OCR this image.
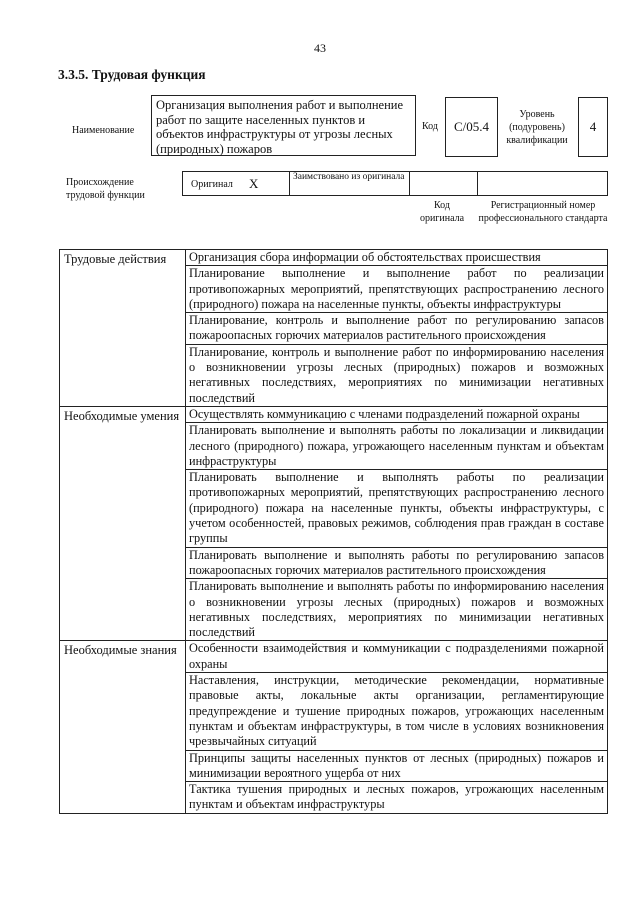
43
3.3.5. Трудовая функция
Наименование
Организация выполнения работ и выполнение работ по защите населенных пунктов и объектов инфраструктуры от угрозы лесных (природных) пожаров
Код	C/05.4
Уровень (подуровень) квалификации
4
Происхождение трудовой функции
Оригинал X	Заимствовано из оригинала
Код оригинала
Регистрационный номер профессионального стандарта
Трудовые действия	Организация сбора информации об обстоятельствах происшествия
Планирование выполнение и выполнение работ по реализации противопожарных мероприятий, препятствующих распространению лесного (природного) пожара на населенные пункты, объекты инфраструктуры
Планирование, контроль и выполнение работ по регулированию запасов пожароопасных горючих материалов растительного происхождения
Планирование, контроль и выполнение работ по информированию населения о возникновении угрозы лесных (природных) пожаров и возможных негативных последствиях, мероприятиях по минимизации негативных последствий

Необходимые умения	Осуществлять коммуникацию с членами подразделений пожарной охраны
Планировать выполнение и выполнять работы по локализации и ликвидации лесного (природного) пожара, угрожающего населенным пунктам и объектам инфраструктуры
Планировать выполнение и выполнять работы по реализации противопожарных мероприятий, препятствующих распространению лесного (природного) пожара на населенные пункты, объекты инфраструктуры, с учетом особенностей, правовых режимов, соблюдения прав граждан в составе группы
Планировать выполнение и выполнять работы по регулированию запасов пожароопасных горючих материалов растительного происхождения
Планировать выполнение и выполнять работы по информированию населения о возникновении угрозы лесных (природных) пожаров и возможных негативных последствиях, мероприятиях по минимизации негативных последствий

Необходимые знания	Особенности взаимодействия и коммуникации с подразделениями пожарной охраны
Наставления, инструкции, методические рекомендации, нормативные правовые акты, локальные акты организации, регламентирующие предупреждение и тушение природных пожаров, угрожающих населенным пунктам и объектам инфраструктуры, в том числе в условиях возникновения чрезвычайных ситуаций
Принципы защиты населенных пунктов от лесных (природных) пожаров и минимизации вероятного ущерба от них
Тактика тушения природных и лесных пожаров, угрожающих населенным пунктам и объектам инфраструктуры
